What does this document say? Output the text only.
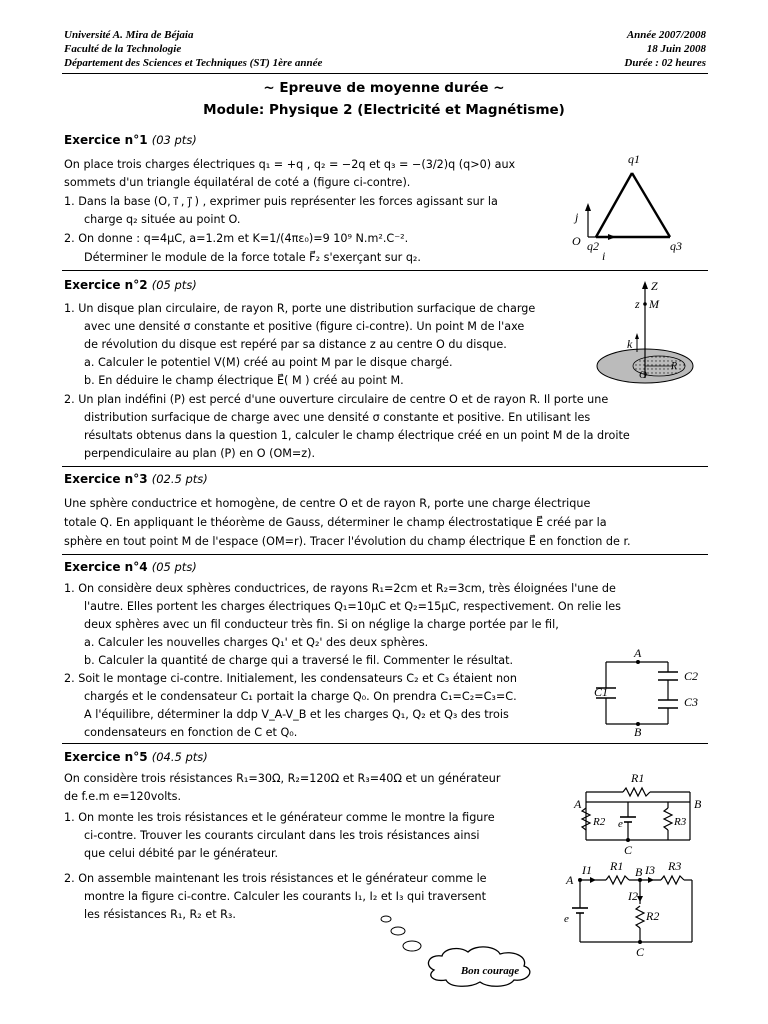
Université A. Mira de Béjaia
Faculté de la Technologie
Département des Sciences et Techniques (ST) 1ère année
Année 2007/2008
18 Juin 2008
Durée : 02 heures
~ Epreuve de moyenne durée ~
Module: Physique 2 (Electricité et Magnétisme)
Exercice n°1 (03 pts)
On place trois charges électriques q₁ = +q , q₂ = −2q et q₃ = −(3/2)q (q>0) aux
sommets d'un triangle équilatéral de coté a (figure ci-contre).
1. Dans la base (O, i⃗ , j⃗ ) , exprimer puis représenter les forces agissant sur la
charge q₂ située au point O.
2. On donne : q=4μC, a=1.2m et K=1/(4πε₀)=9 10⁹ N.m².C⁻².
Déterminer le module de la force totale F⃗₂ s'exerçant sur q₂.
q1
O q2	q3
j
i
Exercice n°2 (05 pts)
1. Un disque plan circulaire, de rayon R, porte une distribution surfacique de charge
avec une densité σ constante et positive (figure ci-contre). Un point M de l'axe
de révolution du disque est repéré par sa distance z au centre O du disque.
a. Calculer le potentiel V(M) créé au point M par le disque chargé.
b. En déduire le champ électrique E⃗( M ) créé au point M.
2. Un plan indéfini (P) est percé d'une ouverture circulaire de centre O et de rayon R. Il porte une
distribution surfacique de charge avec une densité σ constante et positive. En utilisant les
résultats obtenus dans la question 1, calculer le champ électrique créé en un point M de la droite
perpendiculaire au plan (P) en O (OM=z).
Z
z M
k
O
R
Exercice n°3 (02.5 pts)
Une sphère conductrice et homogène, de centre O et de rayon R, porte une charge électrique
totale Q. En appliquant le théorème de Gauss, déterminer le champ électrostatique E⃗ créé par la
sphère en tout point M de l'espace (OM=r). Tracer l'évolution du champ électrique E⃗ en fonction de r.
Exercice n°4 (05 pts)
1. On considère deux sphères conductrices, de rayons R₁=2cm et R₂=3cm, très éloignées l'une de
l'autre. Elles portent les charges électriques Q₁=10μC et Q₂=15μC, respectivement. On relie les
deux sphères avec un fil conducteur très fin. Si on néglige la charge portée par le fil,
a. Calculer les nouvelles charges Q₁' et Q₂' des deux sphères.
b. Calculer la quantité de charge qui a traversé le fil. Commenter le résultat.
2. Soit le montage ci-contre. Initialement, les condensateurs C₂ et C₃ étaient non
chargés et le condensateur C₁ portait la charge Q₀. On prendra C₁=C₂=C₃=C.
A l'équilibre, déterminer la ddp V_A-V_B et les charges Q₁, Q₂ et Q₃ des trois
condensateurs en fonction de C et Q₀.
A
B
C1
C2
C3
Exercice n°5 (04.5 pts)
On considère trois résistances R₁=30Ω, R₂=120Ω et R₃=40Ω et un générateur
de f.e.m e=120volts.
1. On monte les trois résistances et le générateur comme le montre la figure
ci-contre. Trouver les courants circulant dans les trois résistances ainsi
que celui débité par le générateur.
2. On assemble maintenant les trois résistances et le générateur comme le
montre la figure ci-contre. Calculer les courants I₁, I₂ et I₃ qui traversent
les résistances R₁, R₂ et R₃.
R1
A	B
R2	R3
e
C
A
I1 R1 B I3 R3
I2
R2
e
C
Bon courage
